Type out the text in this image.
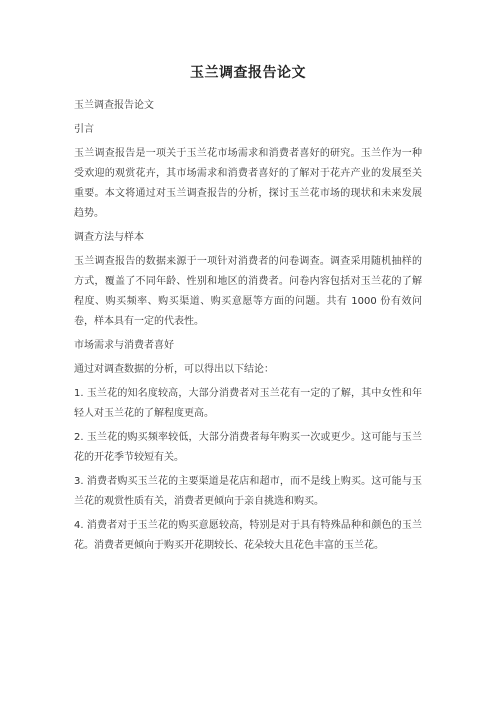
玉兰调查报告论文

玉兰调查报告论文

引言

玉兰调查报告是一项关于玉兰花市场需求和消费者喜好的研究。玉兰作为一种受欢迎的观赏花卉，其市场需求和消费者喜好的了解对于花卉产业的发展至关重要。本文将通过对玉兰调查报告的分析，探讨玉兰花市场的现状和未来发展趋势。

调查方法与样本

玉兰调查报告的数据来源于一项针对消费者的问卷调查。调查采用随机抽样的方式，覆盖了不同年龄、性别和地区的消费者。问卷内容包括对玉兰花的了解程度、购买频率、购买渠道、购买意愿等方面的问题。共有 1000 份有效问卷，样本具有一定的代表性。

市场需求与消费者喜好

通过对调查数据的分析，可以得出以下结论：

1. 玉兰花的知名度较高，大部分消费者对玉兰花有一定的了解，其中女性和年轻人对玉兰花的了解程度更高。

2. 玉兰花的购买频率较低，大部分消费者每年购买一次或更少。这可能与玉兰花的开花季节较短有关。

3. 消费者购买玉兰花的主要渠道是花店和超市，而不是线上购买。这可能与玉兰花的观赏性质有关，消费者更倾向于亲自挑选和购买。

4. 消费者对于玉兰花的购买意愿较高，特别是对于具有特殊品种和颜色的玉兰花。消费者更倾向于购买开花期较长、花朵较大且花色丰富的玉兰花。
